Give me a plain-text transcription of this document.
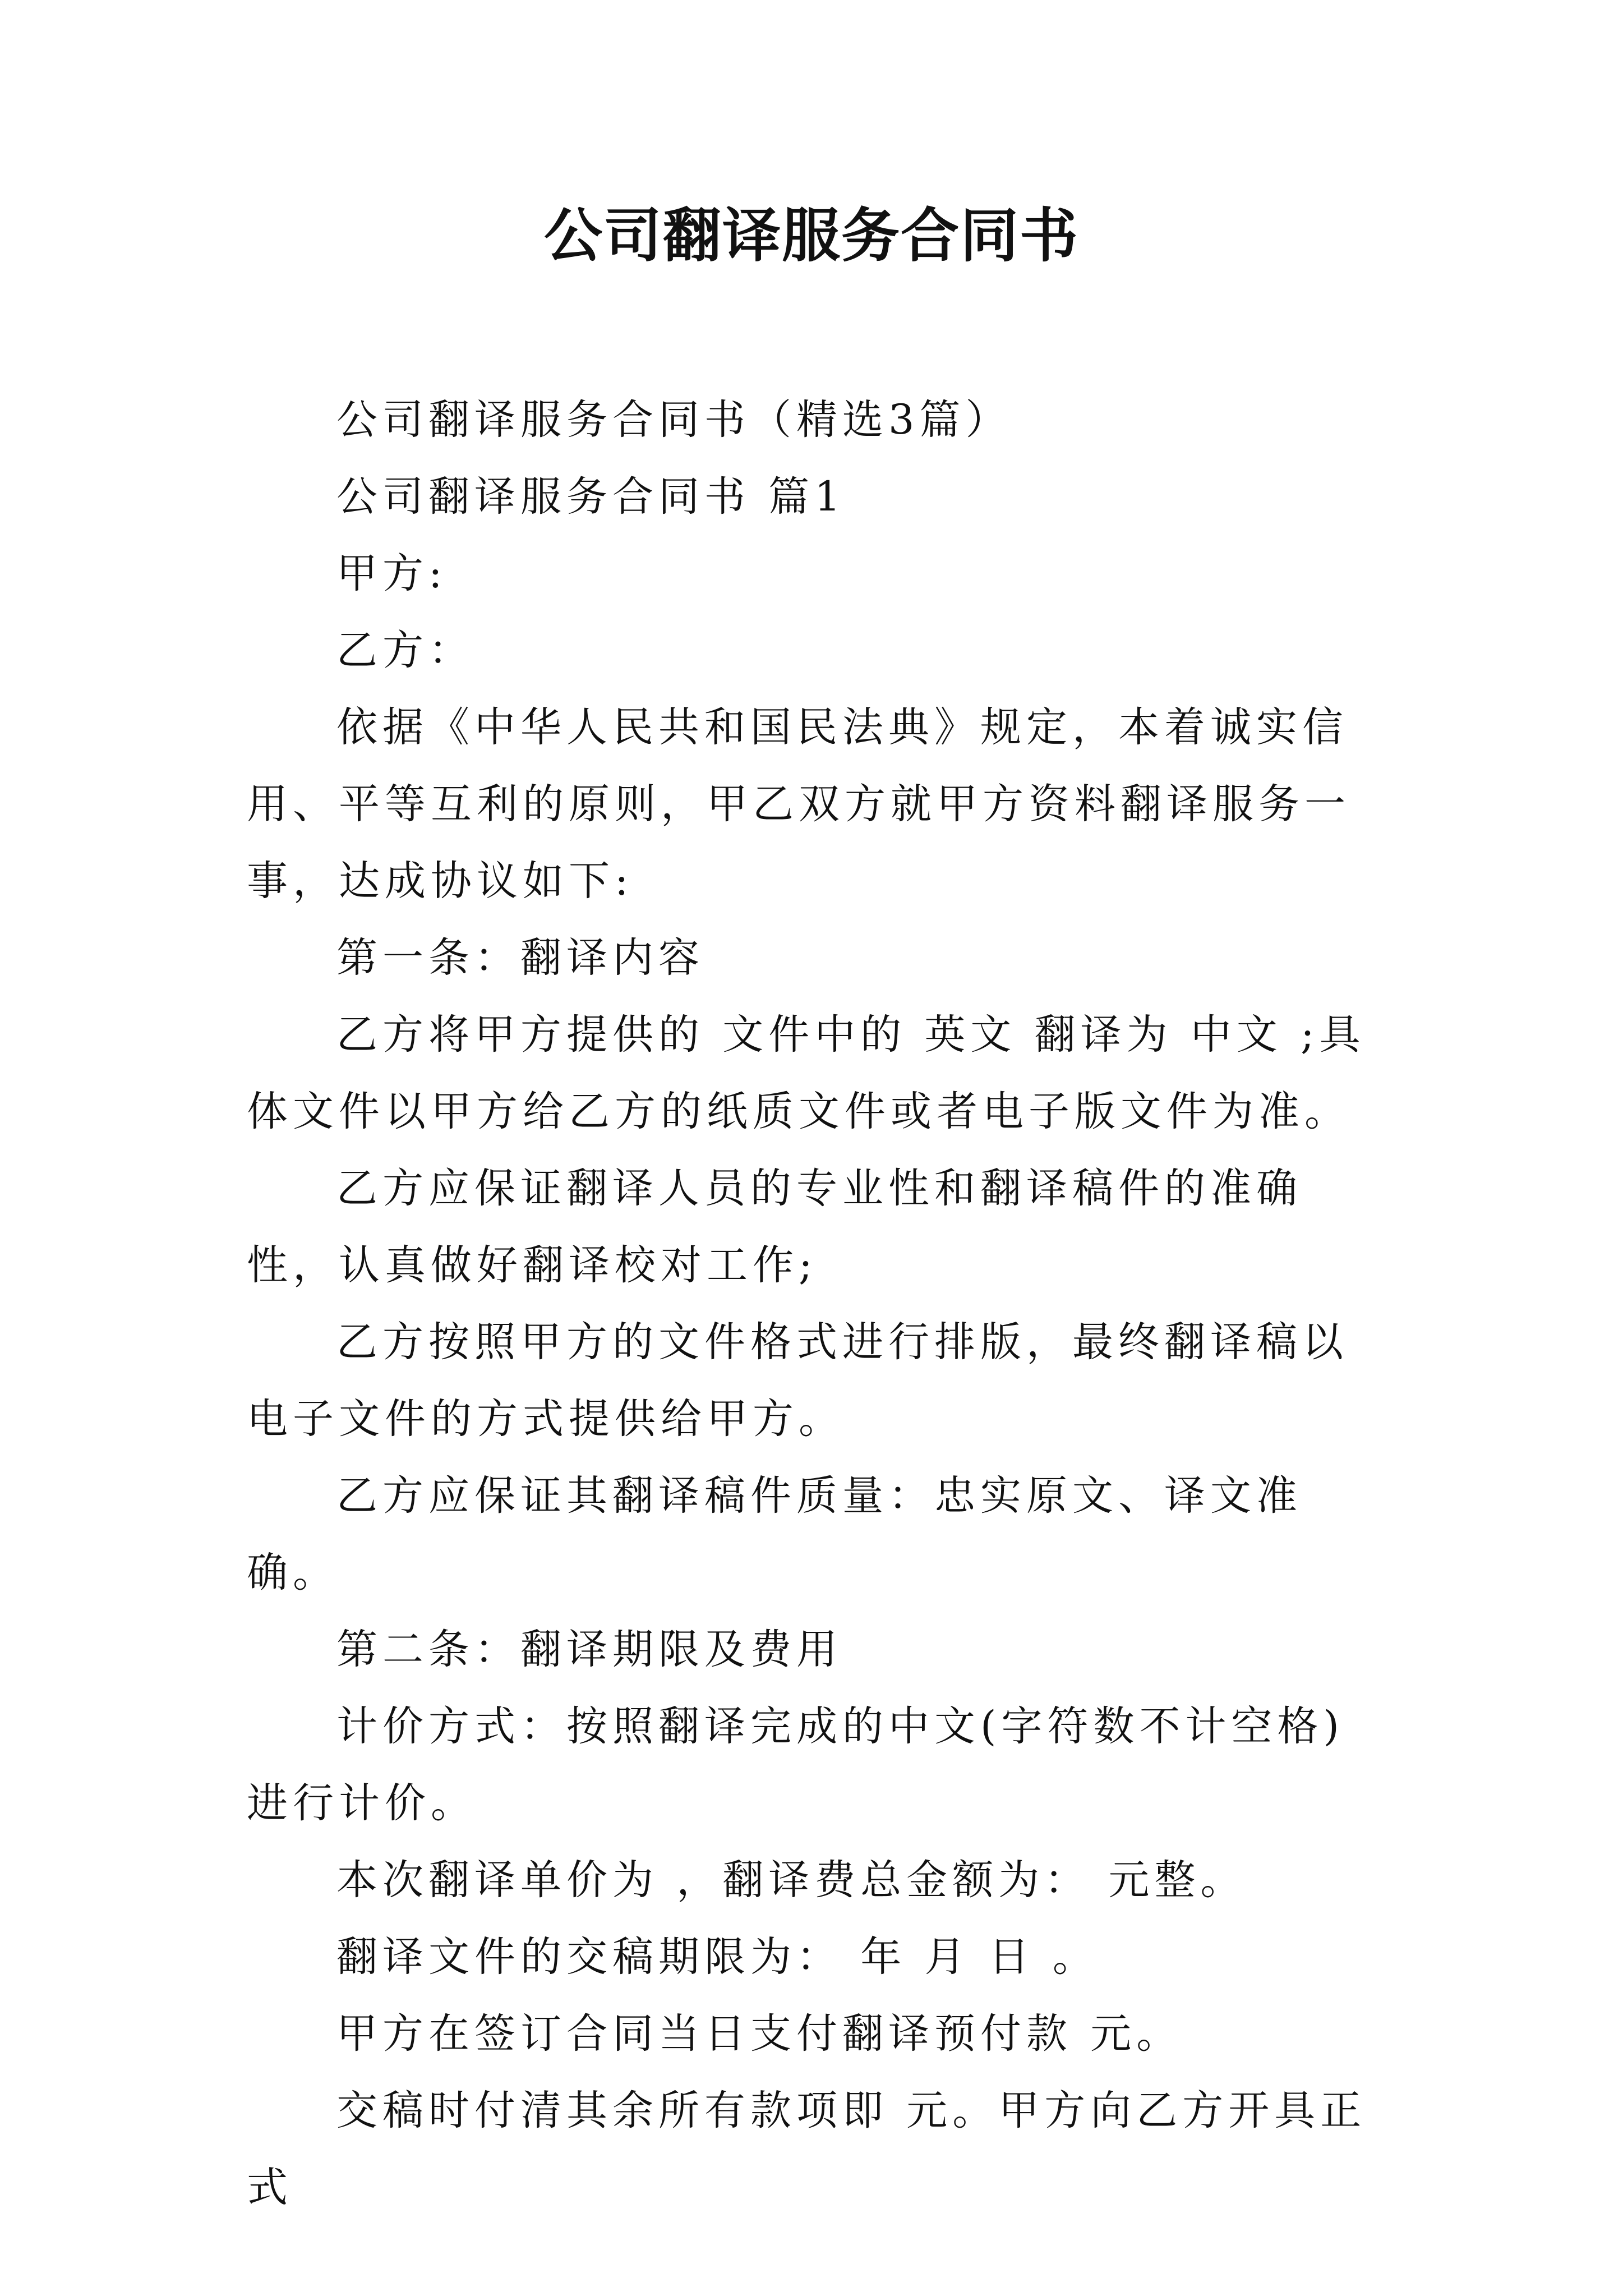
公司翻译服务合同书

公司翻译服务合同书（精选3篇）

公司翻译服务合同书 篇1

甲方:

乙方：

依据《中华人民共和国民法典》规定，本着诚实信用、平等互利的原则，甲乙双方就甲方资料翻译服务一事，达成协议如下:

第一条：翻译内容

乙方将甲方提供的 文件中的 英文 翻译为 中文 ;具体文件以甲方给乙方的纸质文件或者电子版文件为准。

乙方应保证翻译人员的专业性和翻译稿件的准确性，认真做好翻译校对工作;

乙方按照甲方的文件格式进行排版，最终翻译稿以电子文件的方式提供给甲方。

乙方应保证其翻译稿件质量：忠实原文、译文准确。

第二条：翻译期限及费用

计价方式：按照翻译完成的中文(字符数不计空格)进行计价。

本次翻译单价为 ，翻译费总金额为： 元整。

翻译文件的交稿期限为： 年 月 日 。

甲方在签订合同当日支付翻译预付款 元。

交稿时付清其余所有款项即 元。甲方向乙方开具正式
